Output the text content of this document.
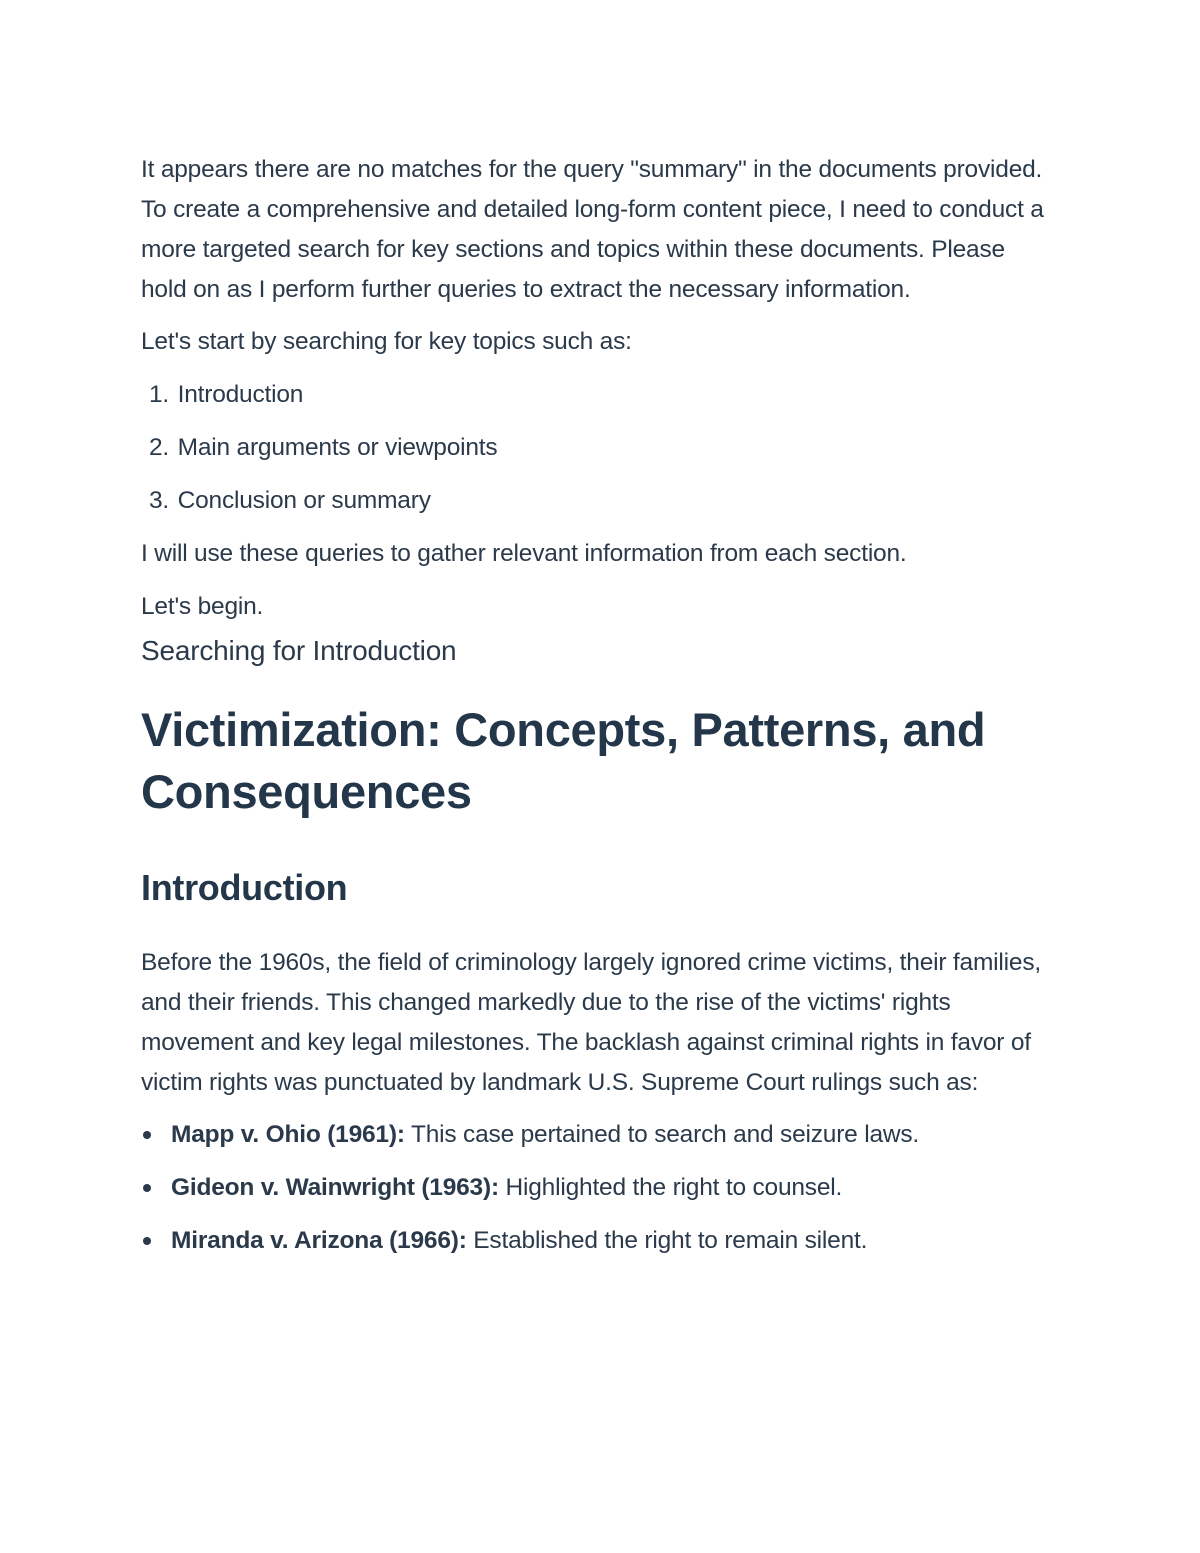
It appears there are no matches for the query "summary" in the documents provided. To create a comprehensive and detailed long-form content piece, I need to conduct a more targeted search for key sections and topics within these documents. Please hold on as I perform further queries to extract the necessary information.

Let's start by searching for key topics such as:

1. Introduction
2. Main arguments or viewpoints
3. Conclusion or summary

I will use these queries to gather relevant information from each section.

Let's begin.

Searching for Introduction
Victimization: Concepts, Patterns, and Consequences
Introduction

Before the 1960s, the field of criminology largely ignored crime victims, their families, and their friends. This changed markedly due to the rise of the victims' rights movement and key legal milestones. The backlash against criminal rights in favor of victim rights was punctuated by landmark U.S. Supreme Court rulings such as:

Mapp v. Ohio (1961): This case pertained to search and seizure laws.
Gideon v. Wainwright (1963): Highlighted the right to counsel.
Miranda v. Arizona (1966): Established the right to remain silent.
